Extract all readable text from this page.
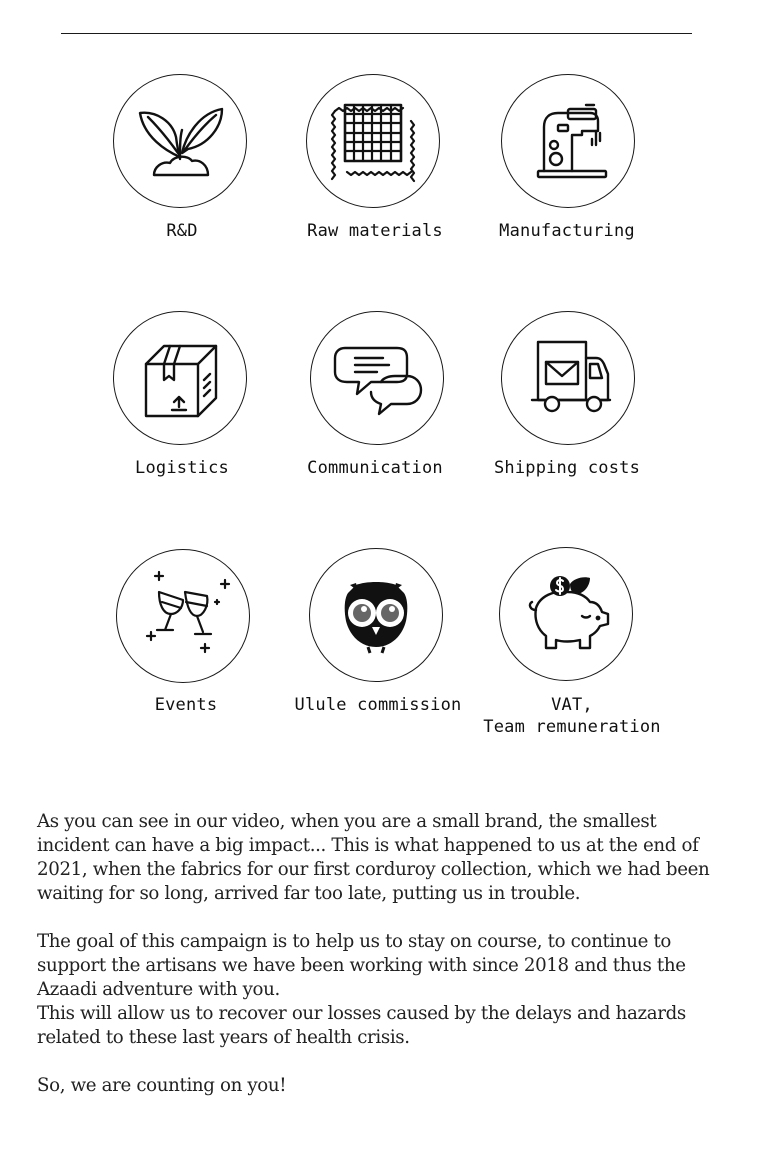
R&D	Raw materials	Manufacturing
Logistics	Communication	Shipping costs
Events	Ulule commission	VAT,
Team remuneration

As you can see in our video, when you are a small brand, the smallest incident can have a big impact... This is what happened to us at the end of 2021, when the fabrics for our first corduroy collection, which we had been waiting for so long, arrived far too late, putting us in trouble.

The goal of this campaign is to help us to stay on course, to continue to support the artisans we have been working with since 2018 and thus the Azaadi adventure with you.

This will allow us to recover our losses caused by the delays and hazards related to these last years of health crisis.

So, we are counting on you!
